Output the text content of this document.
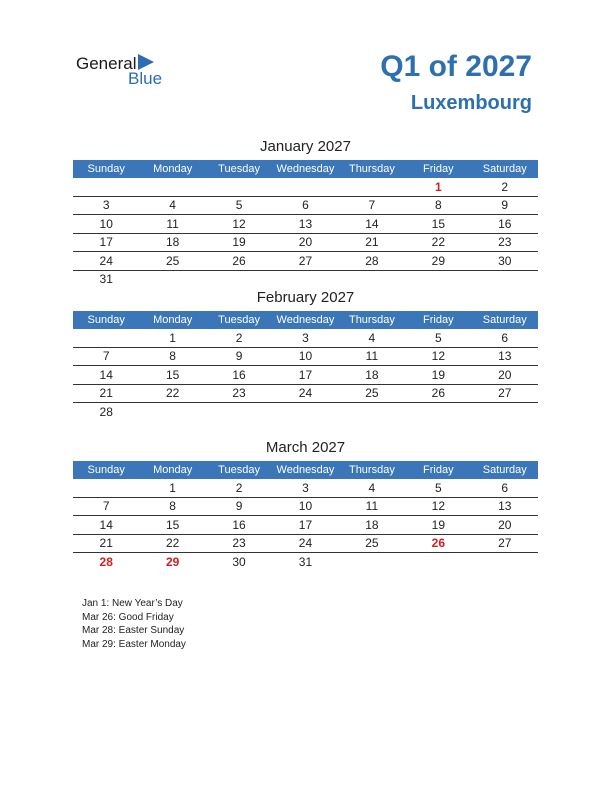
General
Blue	Q1 of 2027
Luxembourg
January 2027
Sunday	Monday	Tuesday	Wednesday	Thursday	Friday	Saturday
					1	2
3	4	5	6	7	8	9
10	11	12	13	14	15	16
17	18	19	20	21	22	23
24	25	26	27	28	29	30
31						
February 2027
Sunday	Monday	Tuesday	Wednesday	Thursday	Friday	Saturday
	1	2	3	4	5	6
7	8	9	10	11	12	13
14	15	16	17	18	19	20
21	22	23	24	25	26	27
28						
March 2027
Sunday	Monday	Tuesday	Wednesday	Thursday	Friday	Saturday
	1	2	3	4	5	6
7	8	9	10	11	12	13
14	15	16	17	18	19	20
21	22	23	24	25	26	27
28	29	30	31			
Jan 1: New Year’s Day
Mar 26: Good Friday
Mar 28: Easter Sunday
Mar 29: Easter Monday
